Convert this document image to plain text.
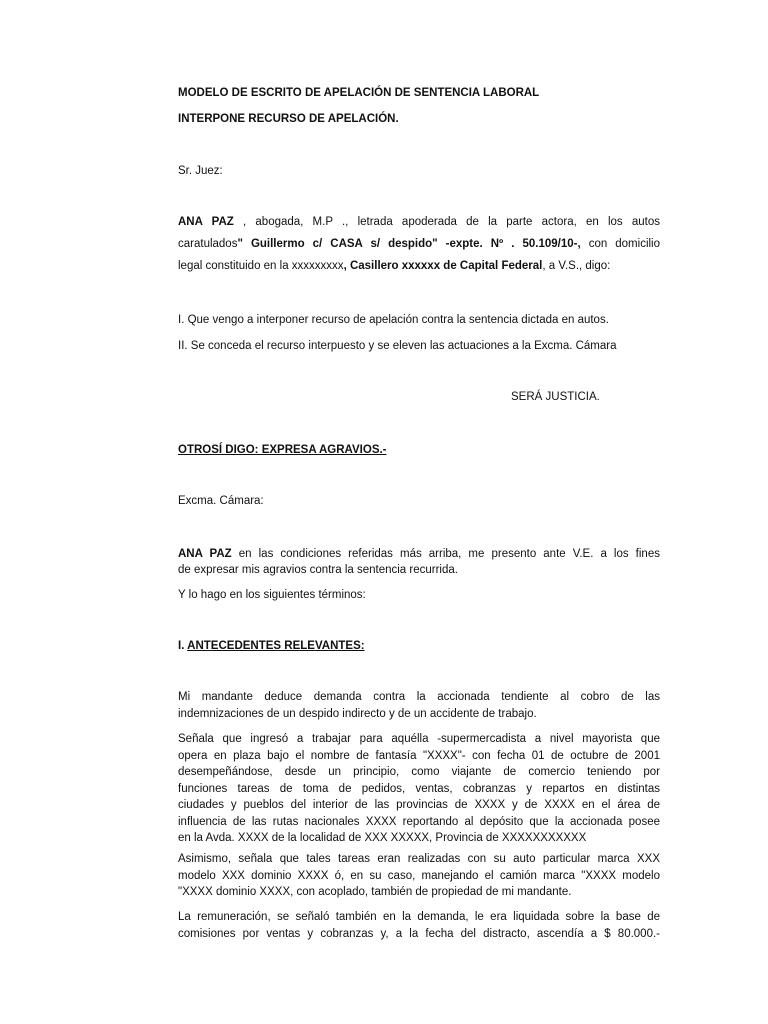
MODELO DE ESCRITO DE APELACIÓN DE SENTENCIA LABORAL
INTERPONE RECURSO DE APELACIÓN.
Sr. Juez:
ANA PAZ , abogada, M.P ., letrada apoderada de la parte actora, en los autos
caratulados" Guillermo c/ CASA s/ despido" -expte. Nº . 50.109/10-, con domicilio
legal constituido en la xxxxxxxxx, Casillero xxxxxx de Capital Federal, a V.S., digo:
I. Que vengo a interponer recurso de apelación contra la sentencia dictada en autos.
II. Se conceda el recurso interpuesto y se eleven las actuaciones a la Excma. Cámara
SERÁ JUSTICIA.
OTROSÍ DIGO: EXPRESA AGRAVIOS.-
Excma. Cámara:
ANA PAZ en las condiciones referidas más arriba, me presento ante V.E. a los fines
de expresar mis agravios contra la sentencia recurrida.
Y lo hago en los siguientes términos:
I. ANTECEDENTES RELEVANTES:
Mi mandante deduce demanda contra la accionada tendiente al cobro de las
indemnizaciones de un despido indirecto y de un accidente de trabajo.
Señala que ingresó a trabajar para aquélla -supermercadista a nivel mayorista que
opera en plaza bajo el nombre de fantasía "XXXX"- con fecha 01 de octubre de 2001
desempeñándose, desde un principio, como viajante de comercio teniendo por
funciones tareas de toma de pedidos, ventas, cobranzas y repartos en distintas
ciudades y pueblos del interior de las provincias de XXXX y de XXXX en el área de
influencia de las rutas nacionales XXXX reportando al depósito que la accionada posee
en la Avda. XXXX de la localidad de XXX XXXXX, Provincia de XXXXXXXXXXX
Asimismo, señala que tales tareas eran realizadas con su auto particular marca XXX
modelo XXX dominio XXXX ó, en su caso, manejando el camión marca "XXXX modelo
"XXXX dominio XXXX, con acoplado, también de propiedad de mi mandante.
La remuneración, se señaló también en la demanda, le era liquidada sobre la base de
comisiones por ventas y cobranzas y, a la fecha del distracto, ascendía a $ 80.000.-
